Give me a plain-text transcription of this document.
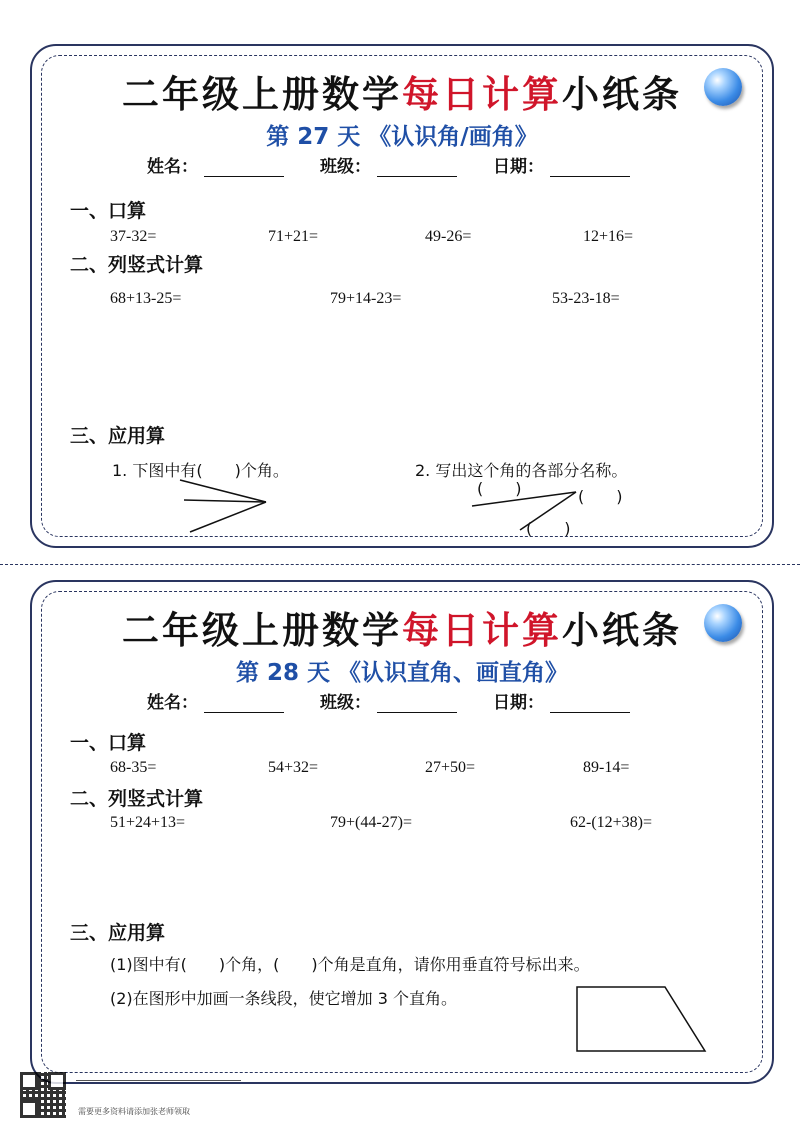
二年级上册数学每日计算小纸条
第 27 天 《认识角/画角》
姓名：	班级：	日期：
一、口算
37-32=	71+21=	49-26=	12+16=
二、列竖式计算
68+13-25=	79+14-23=	53-23-18=
三、应用算
1. 下图中有(　　)个角。	2. 写出这个角的各部分名称。
(　　)	(　　)
(　　)
二年级上册数学每日计算小纸条
第 28 天 《认识直角、画直角》
姓名：	班级：	日期：
一、口算
68-35=	54+32=	27+50=	89-14=
二、列竖式计算
51+24+13=	79+(44-27)=	62-(12+38)=
三、应用算
(1)图中有(　　)个角，(　　)个角是直角，请你用垂直符号标出来。
(2)在图形中加画一条线段，使它增加 3 个直角。
需要更多资料请添加张老师领取
